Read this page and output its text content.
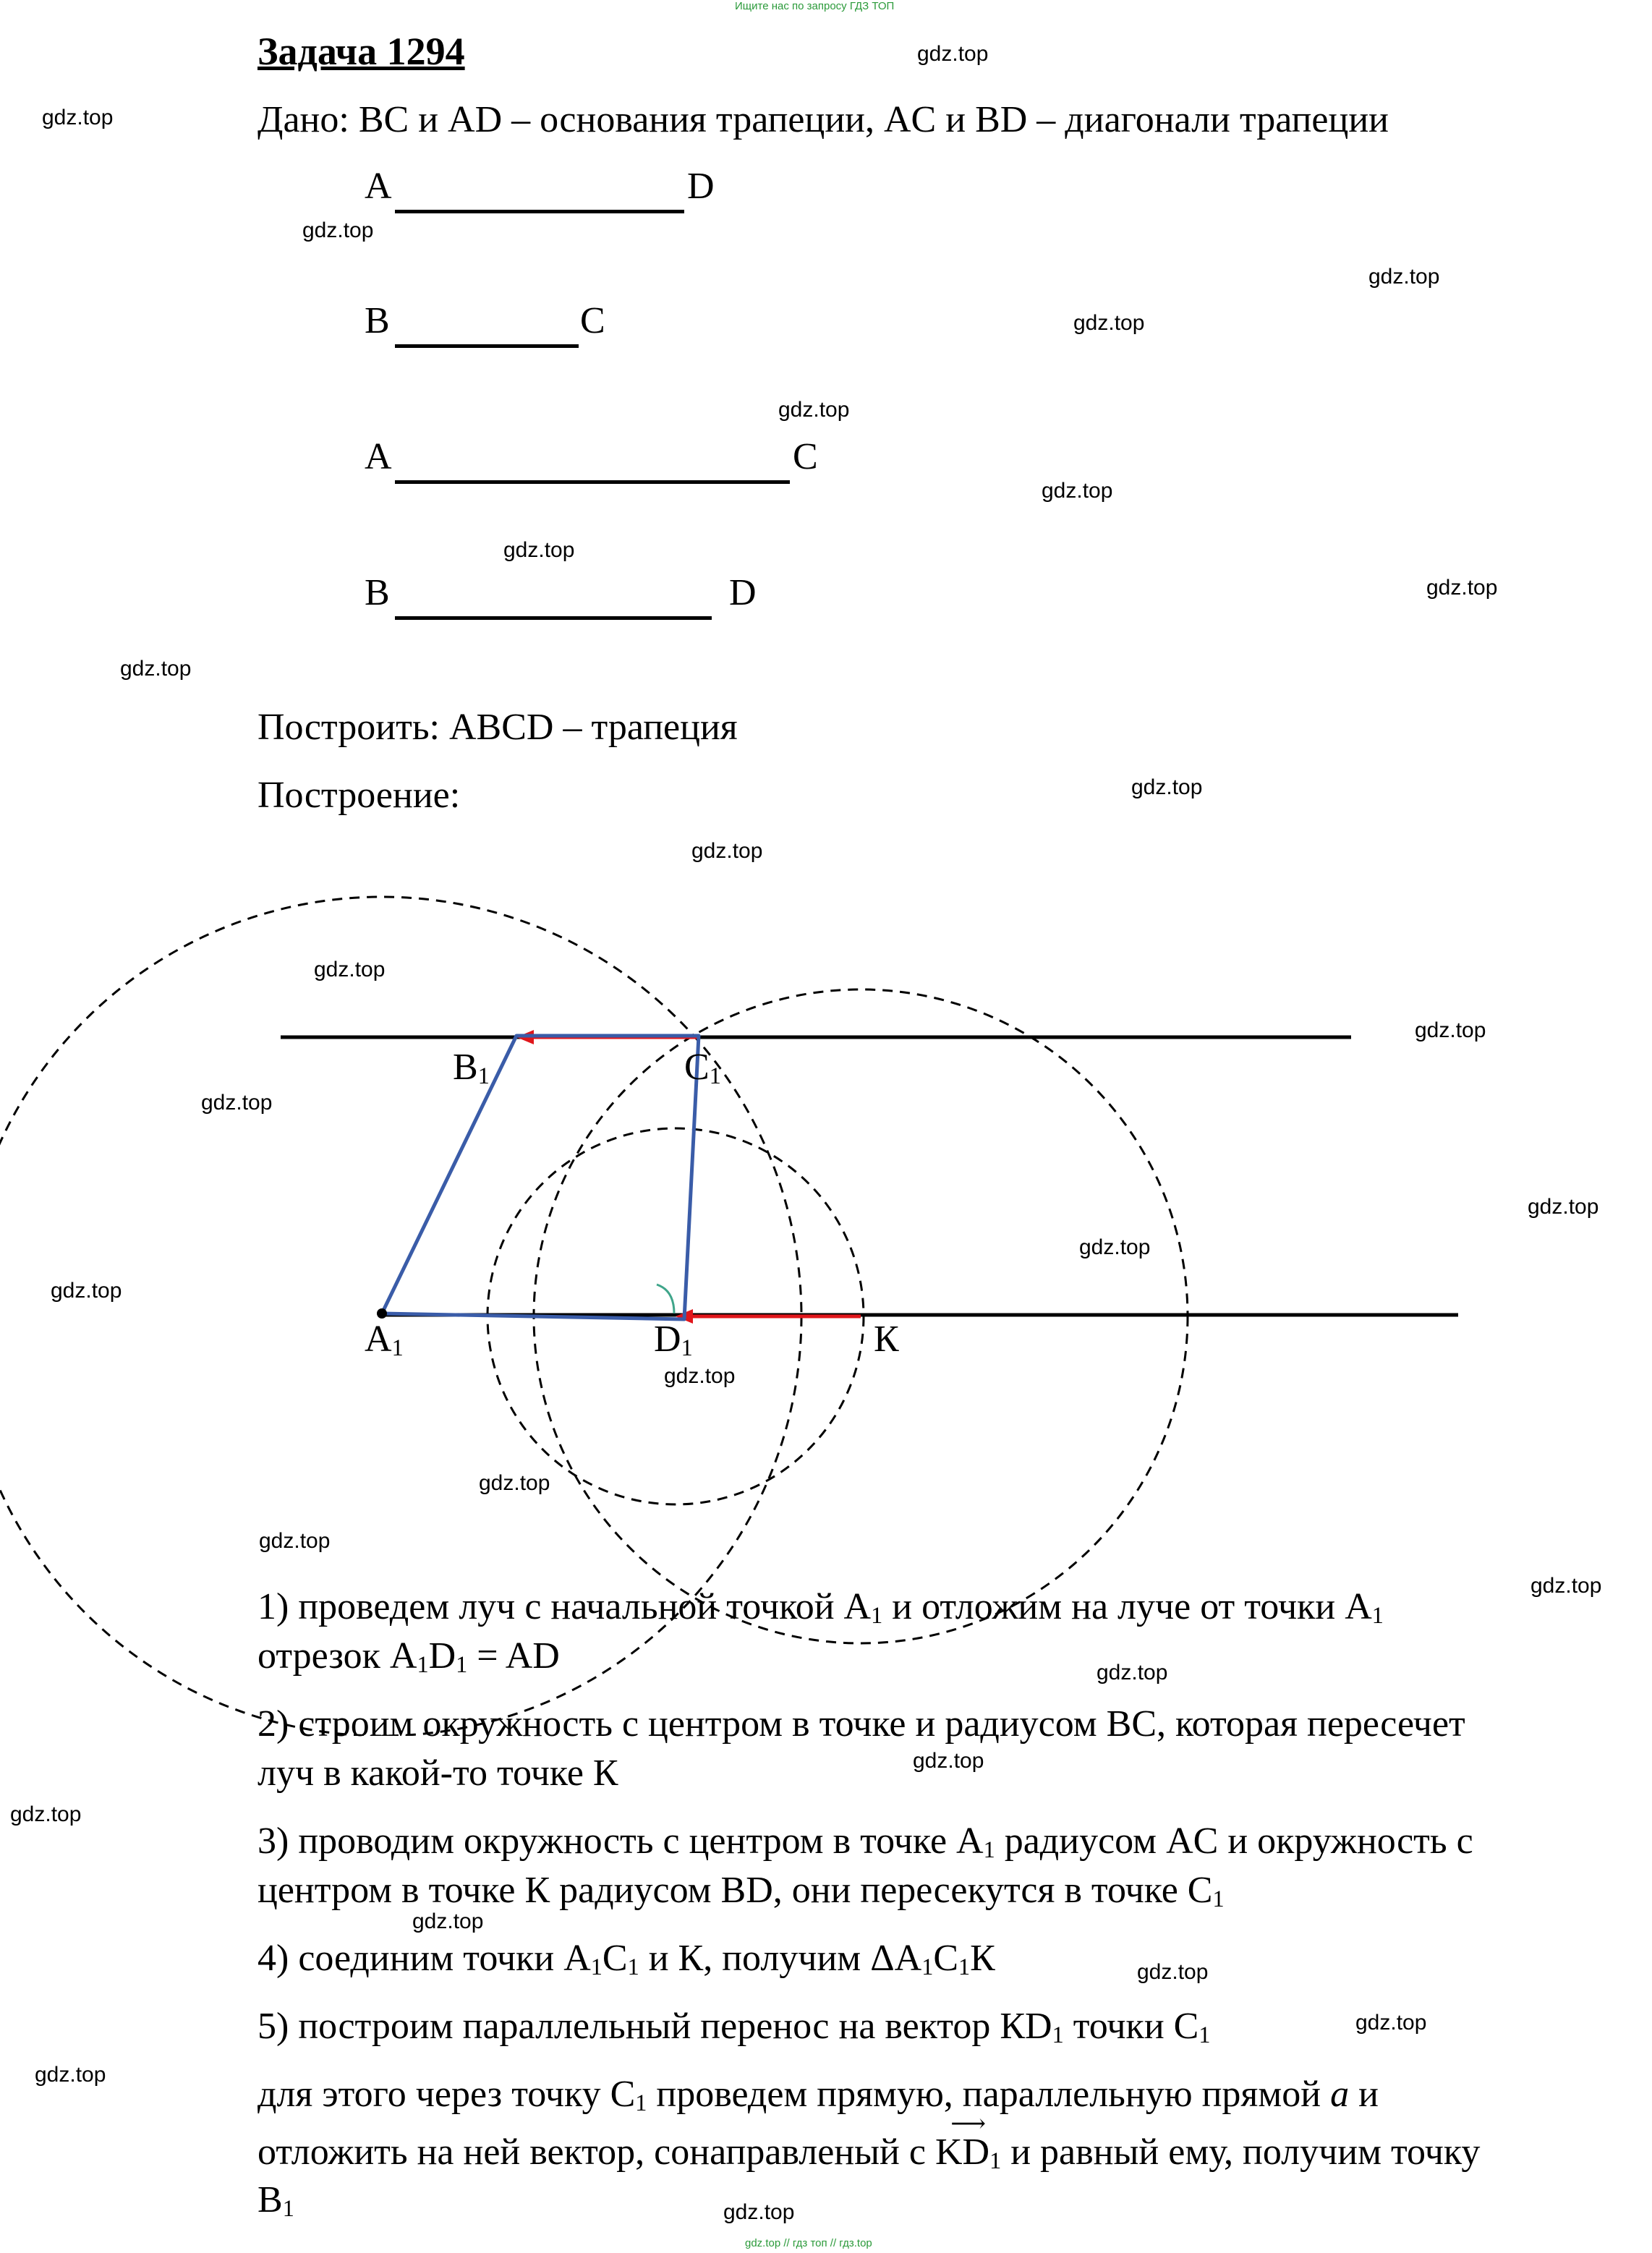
Ищите нас по запросу ГДЗ ТОП
Задача 1294
Дано: BC и AD – основания трапеции, AC и BD – диагонали трапеции
A	D
B	C
A	C
B	D
Построить: ABCD – трапеция
Построение:
$B_1$	$C_1$
$A_1$	$D_1$	К
1) проведем луч с начальной точкой $A_1$ и отложим на луче от точки $A_1$
отрезок $A_1D_1$ = AD
2) строим окружность с центром в точке и радиусом BC, которая пересечет
луч в какой-то точке К
3) проводим окружность с центром в точке $A_1$ радиусом AC и окружность с
центром в точке К радиусом BD, они пересекутся в точке $C_1$
4) соединим точки $A_1C_1$ и К, получим $\Delta A_1C_1К$
5) построим параллельный перенос на вектор $КD_1$ точки $C_1$
для этого через точку $C_1$ проведем прямую, параллельную прямой a и
отложить на ней вектор, сонаправленый с
⟶
$KD_1$ и равный ему, получим точку
$B_1$
gdz.top // гдз топ // гдз.top
gdz.top
gdz.top
gdz.top
gdz.top
gdz.top
gdz.top
gdz.top
gdz.top
gdz.top
gdz.top
gdz.top
gdz.top
gdz.top
gdz.top
gdz.top
gdz.top
gdz.top
gdz.top
gdz.top
gdz.top
gdz.top
gdz.top
gdz.top
gdz.top
gdz.top
gdz.top
gdz.top
gdz.top
gdz.top
gdz.top
